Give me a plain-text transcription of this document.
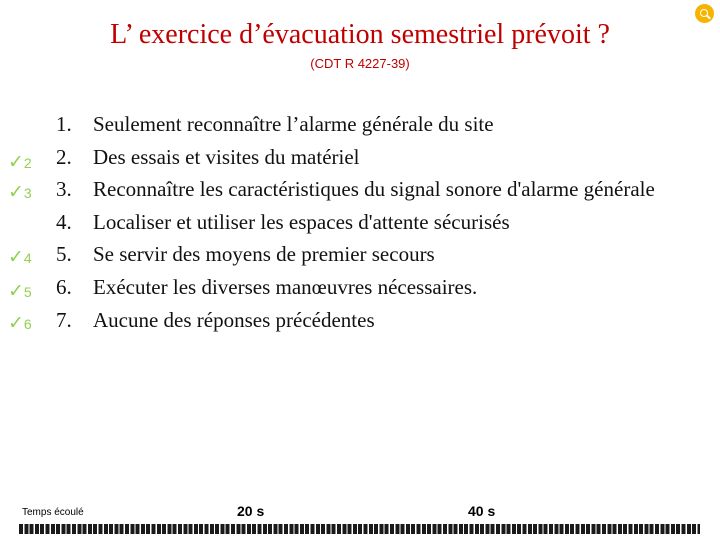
L’ exercice d’évacuation semestriel prévoit ?
(CDT R 4227-39)
✓2
✓3
✓4
✓5
✓6
1. Seulement reconnaître l’alarme générale du site
2. Des essais et visites du matériel
3. Reconnaître les caractéristiques du signal sonore d'alarme générale
4. Localiser et utiliser les espaces d'attente sécurisés
5. Se servir des moyens de premier secours
6. Exécuter les diverses manœuvres nécessaires.
7. Aucune des réponses précédentes
Temps écoulé	20 s	40 s
